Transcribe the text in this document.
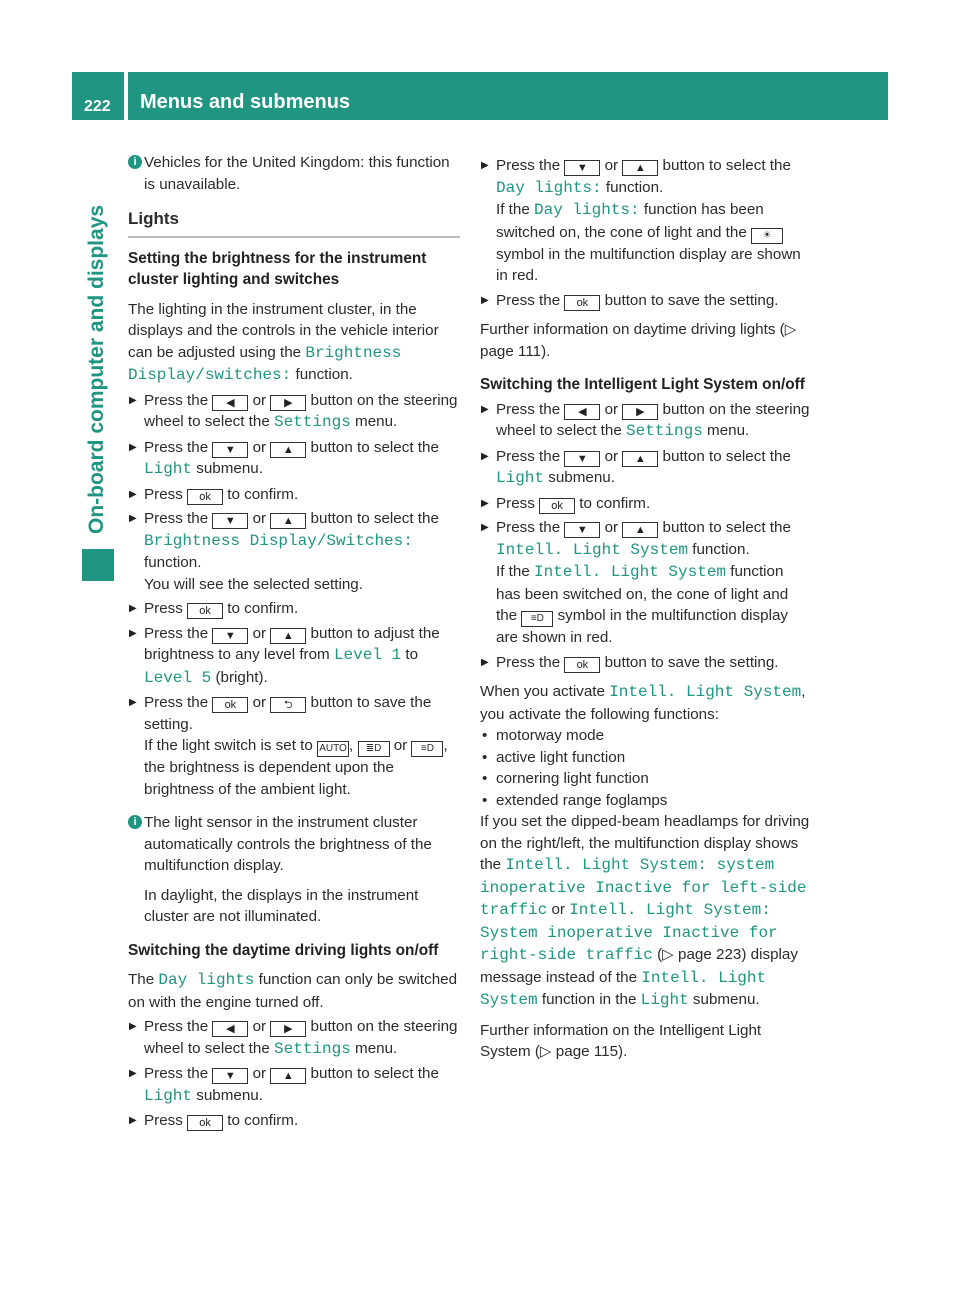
222 Menus and submenus
On-board computer and displays

i Vehicles for the United Kingdom: this function is unavailable.

Lights

Setting the brightness for the instrument cluster lighting and switches

The lighting in the instrument cluster, in the displays and the controls in the vehicle interior can be adjusted using the Brightness Display/switches: function.

▶ Press the ◀ or ▶ button on the steering wheel to select the Settings menu.

▶ Press the ▼ or ▲ button to select the Light submenu.

▶ Press ok to confirm.

▶ Press the ▼ or ▲ button to select the Brightness Display/Switches: function.
You will see the selected setting.

▶ Press ok to confirm.

▶ Press the ▼ or ▲ button to adjust the brightness to any level from Level 1 to Level 5 (bright).

▶ Press the ok or ⮌ button to save the setting.
If the light switch is set to AUTO , ≣D or ≡D , the brightness is dependent upon the brightness of the ambient light.

i The light sensor in the instrument cluster automatically controls the brightness of the multifunction display.

In daylight, the displays in the instrument cluster are not illuminated.

Switching the daytime driving lights on/off

The Day lights function can only be switched on with the engine turned off.

▶ Press the ◀ or ▶ button on the steering wheel to select the Settings menu.

▶ Press the ▼ or ▲ button to select the Light submenu.

▶ Press ok to confirm.

▶ Press the ▼ or ▲ button to select the Day lights: function.
If the Day lights: function has been switched on, the cone of light and the ☀ symbol in the multifunction display are shown in red.

▶ Press the ok button to save the setting.

Further information on daytime driving lights (▷ page 111).

Switching the Intelligent Light System on/off

▶ Press the ◀ or ▶ button on the steering wheel to select the Settings menu.

▶ Press the ▼ or ▲ button to select the Light submenu.

▶ Press ok to confirm.

▶ Press the ▼ or ▲ button to select the Intell. Light System function.
If the Intell. Light System function has been switched on, the cone of light and the ≡D symbol in the multifunction display are shown in red.

▶ Press the ok button to save the setting.

When you activate Intell. Light System, you activate the following functions:

• motorway mode

• active light function

• cornering light function

• extended range foglamps

If you set the dipped-beam headlamps for driving on the right/left, the multifunction display shows the Intell. Light System: system inoperative Inactive for left-side traffic or Intell. Light System: System inoperative Inactive for right-side traffic (▷ page 223) display message instead of the Intell. Light System function in the Light submenu.

Further information on the Intelligent Light System (▷ page 115).
